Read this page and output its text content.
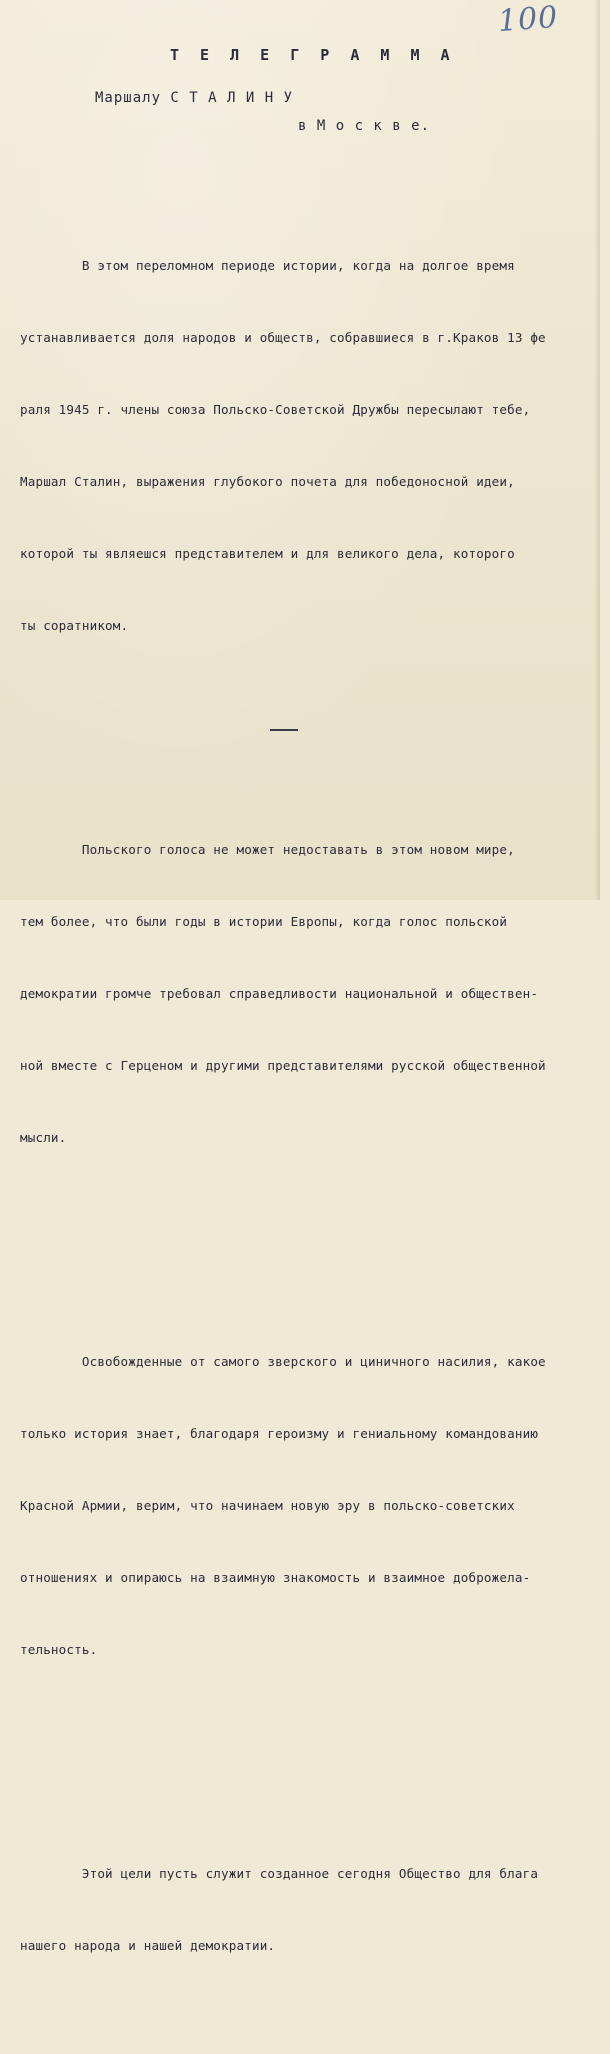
100
Т Е Л Е Г Р А М М А
Маршалу С Т А Л И Н У
в М о с к в е.

В этом переломном периоде истории, когда на долгое время

устанавливается доля народов и обществ, собравшиеся в г.Краков 13 фе

раля 1945 г. члены союза Польско-Советской Дружбы пересылают тебе,

Маршал Сталин, выражения глубокого почета для победоносной идеи,

которой ты являешся представителем и для великого дела, которого

ты соратником.

Польского голоса не может недоставать в этом новом мире,

тем более, что были годы в истории Европы, когда голос польской

демократии громче требовал справедливости национальной и обществен-

ной вместе с Герценом и другими представителями русской общественной

мысли.

Освобожденные от самого зверского и циничного насилия, какое

только история знает, благодаря героизму и гениальному командованию

Красной Армии, верим, что начинаем новую эру в польско-советских

отношениях и опираюсь на взаимную знакомость и взаимное доброжела-

тельность.

Этой цели пусть служит созданное сегодня Общество для блага

нашего народа и нашей демократии.
